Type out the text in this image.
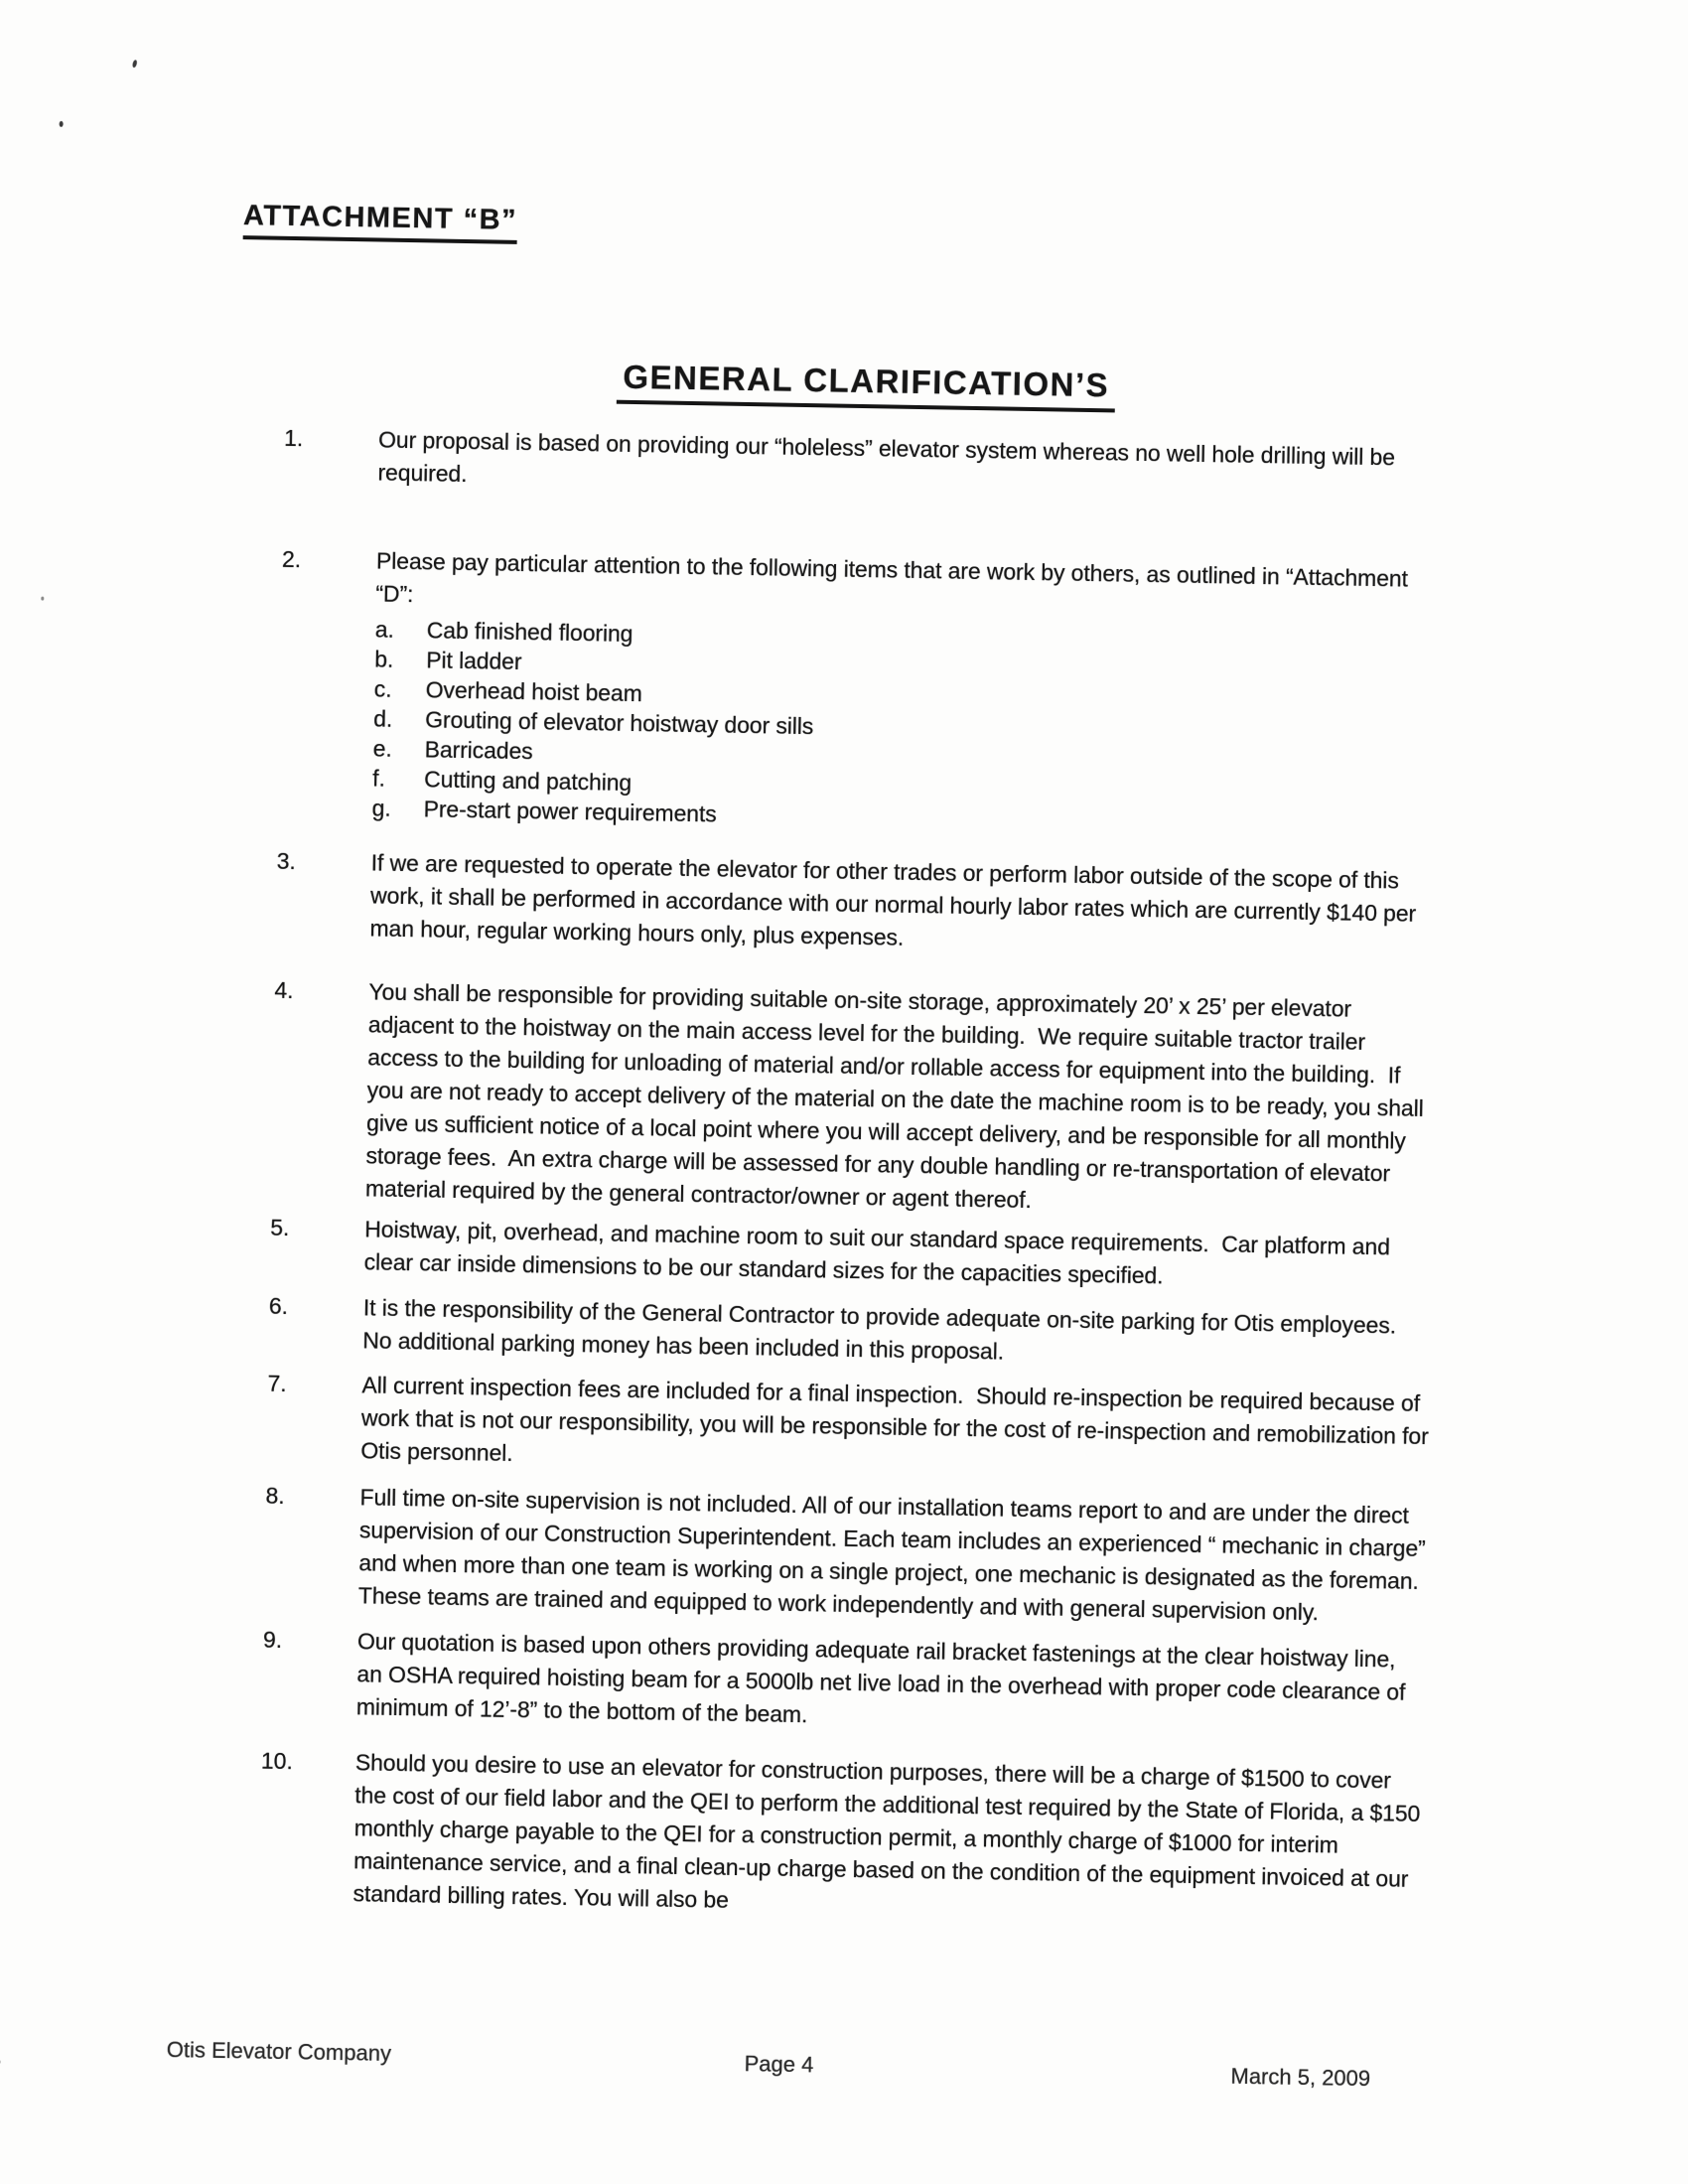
ATTACHMENT “B”
GENERAL CLARIFICATION’S
1.	Our proposal is based on providing our “holeless” elevator system whereas no well hole drilling will be required.
2.	Please pay particular attention to the following items that are work by others, as outlined in “Attachment “D”:
a.	Cab finished flooring
b.	Pit ladder
c.	Overhead hoist beam
d.	Grouting of elevator hoistway door sills
e.	Barricades
f.	Cutting and patching
g.	Pre-start power requirements
3.	If we are requested to operate the elevator for other trades or perform labor outside of the scope of this work, it shall be performed in accordance with our normal hourly labor rates which are currently $140 per man hour, regular working hours only, plus expenses.
4.	You shall be responsible for providing suitable on-site storage, approximately 20’ x 25’ per elevator adjacent to the hoistway on the main access level for the building.  We require suitable tractor trailer access to the building for unloading of material and/or rollable access for equipment into the building.  If you are not ready to accept delivery of the material on the date the machine room is to be ready, you shall give us sufficient notice of a local point where you will accept delivery, and be responsible for all monthly storage fees.  An extra charge will be assessed for any double handling or re-transportation of elevator material required by the general contractor/owner or agent thereof.
5.	Hoistway, pit, overhead, and machine room to suit our standard space requirements.  Car platform and clear car inside dimensions to be our standard sizes for the capacities specified.
6.	It is the responsibility of the General Contractor to provide adequate on-site parking for Otis employees. No additional parking money has been included in this proposal.
7.	All current inspection fees are included for a final inspection.  Should re-inspection be required because of work that is not our responsibility, you will be responsible for the cost of re-inspection and remobilization for Otis personnel.
8.	Full time on-site supervision is not included. All of our installation teams report to and are under the direct supervision of our Construction Superintendent. Each team includes an experienced “ mechanic in charge” and when more than one team is working on a single project, one mechanic is designated as the foreman. These teams are trained and equipped to work independently and with general supervision only.
9.	Our quotation is based upon others providing adequate rail bracket fastenings at the clear hoistway line, an OSHA required hoisting beam for a 5000lb net live load in the overhead with proper code clearance of minimum of 12’-8” to the bottom of the beam.
10.	Should you desire to use an elevator for construction purposes, there will be a charge of $1500 to cover the cost of our field labor and the QEI to perform the additional test required by the State of Florida, a $150 monthly charge payable to the QEI for a construction permit, a monthly charge of $1000 for interim maintenance service, and a final clean-up charge based on the condition of the equipment invoiced at our standard billing rates. You will also be
Otis Elevator Company	Page 4	March 5, 2009
